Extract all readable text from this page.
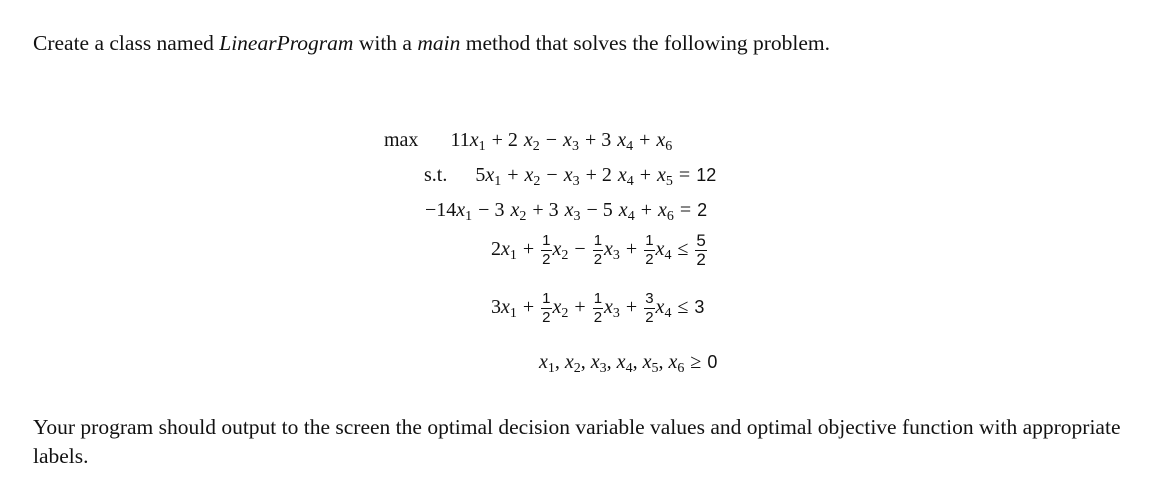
Create a class named LinearProgram with a main method that solves the following problem.

$\max 11x_1 + 2$ $x_2 - x_3 + 3$ $x_4 + x_6$
s.t. $5x_1 + x_2 - x_3 + 2$ $x_4 + x_5 = 12$
$-14x_1 - 3$ $x_2 + 3$ $x_3 - 5$ $x_4 + x_6 = 2$
$2x_1 + \frac{1}{2} x_2 - \frac{1}{2} x_3 + \frac{1}{2} x_4 \le \frac{5}{2}$
$3x_1 + \frac{1}{2} x_2 + \frac{1}{2} x_3 + \frac{3}{2} x_4 \le 3$
$x_1$, $x_2$, $x_3$, $x_4$, $x_5$, $x_6 \ge 0$

Your program should output to the screen the optimal decision variable values and optimal objective function with appropriate labels.
